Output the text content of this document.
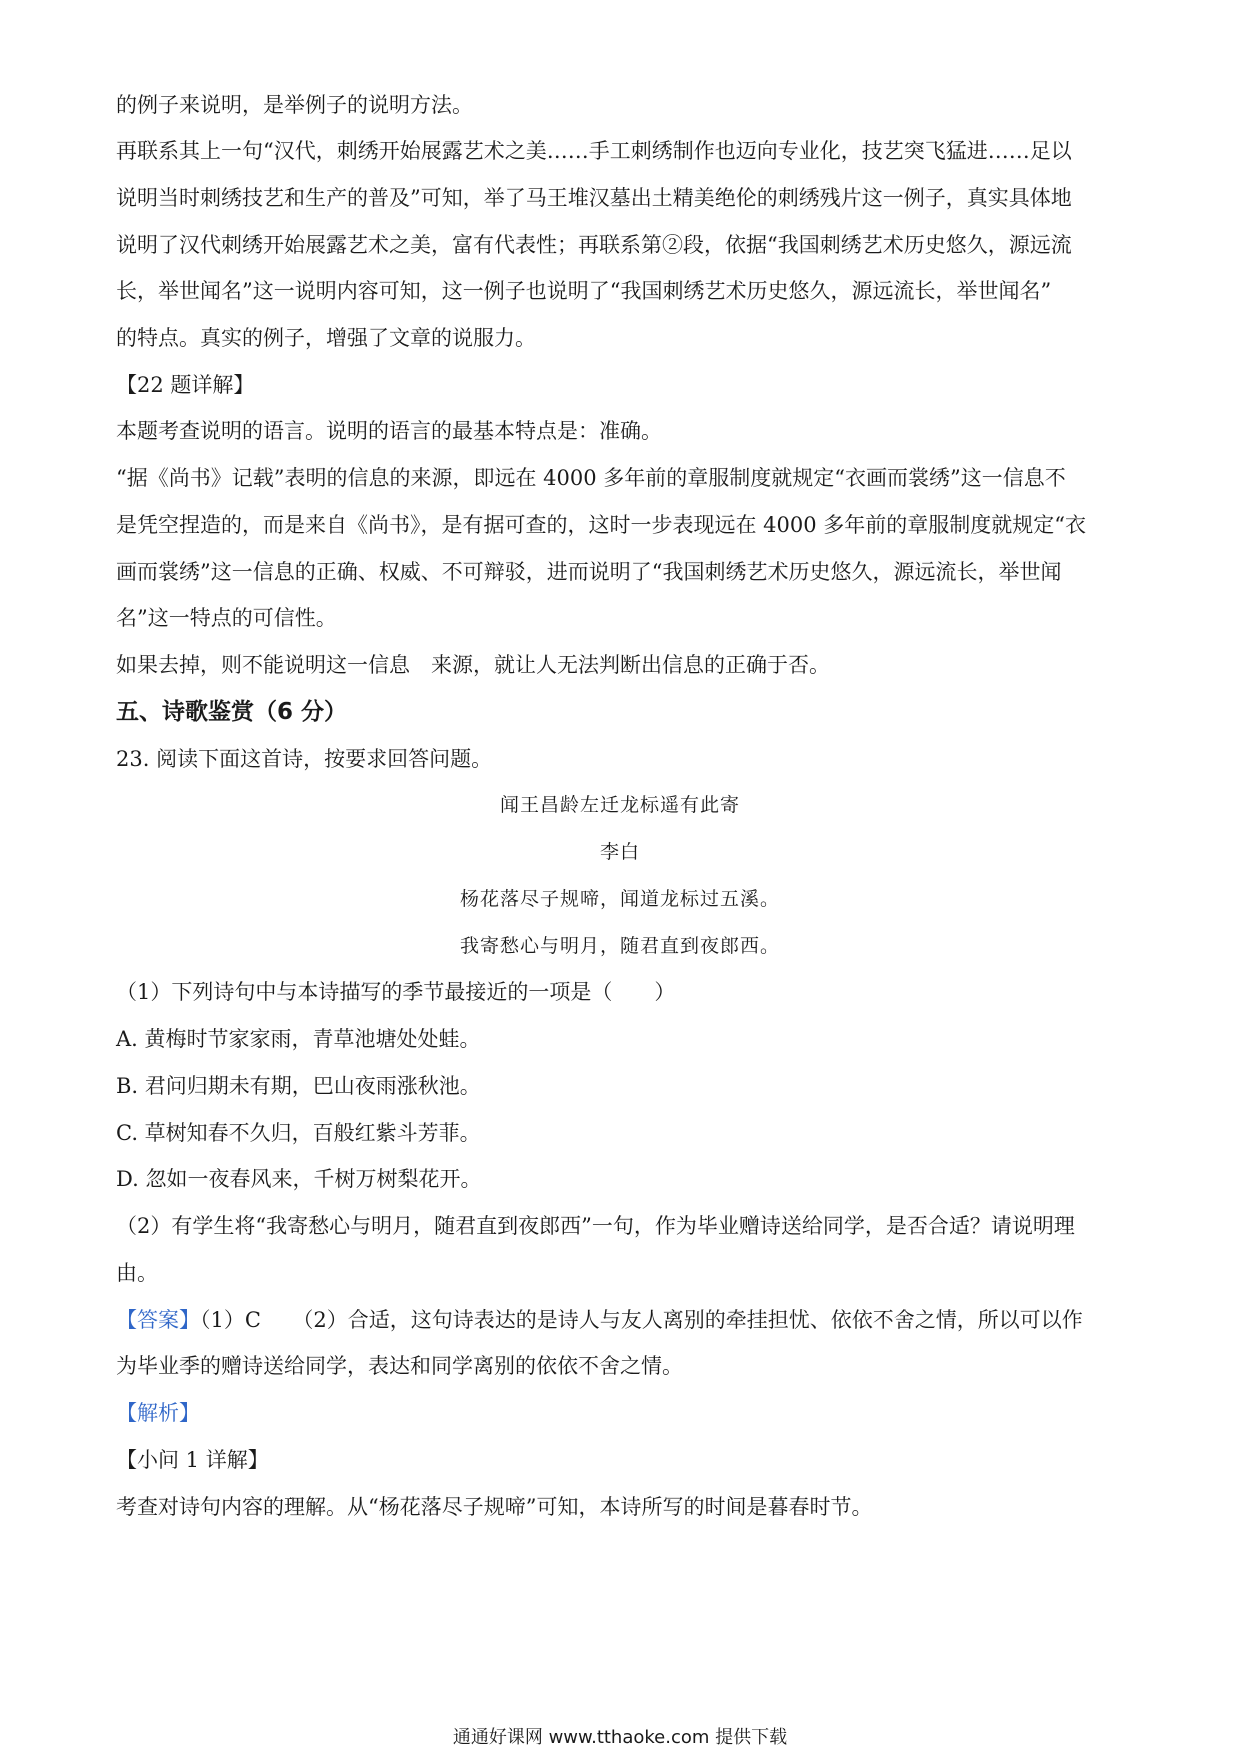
的例子来说明，是举例子的说明方法。
再联系其上一句“汉代，刺绣开始展露艺术之美……手工刺绣制作也迈向专业化，技艺突飞猛进……足以
说明当时刺绣技艺和生产的普及”可知，举了马王堆汉墓出土精美绝伦的刺绣残片这一例子，真实具体地
说明了汉代刺绣开始展露艺术之美，富有代表性；再联系第②段，依据“我国刺绣艺术历史悠久，源远流
长，举世闻名”这一说明内容可知，这一例子也说明了“我国刺绣艺术历史悠久，源远流长，举世闻名”
的特点。真实的例子，增强了文章的说服力。
【22 题详解】
本题考查说明的语言。说明的语言的最基本特点是：准确。
“据《尚书》记载”表明的信息的来源，即远在 4000 多年前的章服制度就规定“衣画而裳绣”这一信息不
是凭空捏造的，而是来自《尚书》，是有据可查的，这时一步表现远在 4000 多年前的章服制度就规定“衣
画而裳绣”这一信息的正确、权威、不可辩驳，进而说明了“我国刺绣艺术历史悠久，源远流长，举世闻
名”这一特点的可信性。
如果去掉，则不能说明这一信息　来源，就让人无法判断出信息的正确于否。
五、诗歌鉴赏（6 分）
23. 阅读下面这首诗，按要求回答问题。
闻王昌龄左迁龙标遥有此寄
李白
杨花落尽子规啼，闻道龙标过五溪。
我寄愁心与明月，随君直到夜郎西。
（1）下列诗句中与本诗描写的季节最接近的一项是（　　）
A. 黄梅时节家家雨，青草池塘处处蛙。
B. 君问归期未有期，巴山夜雨涨秋池。
C. 草树知春不久归，百般红紫斗芳菲。
D. 忽如一夜春风来，千树万树梨花开。
（2）有学生将“我寄愁心与明月，随君直到夜郎西”一句，作为毕业赠诗送给同学，是否合适？请说明理
由。
【答案】（1）C　　（2）合适，这句诗表达的是诗人与友人离别的牵挂担忧、依依不舍之情，所以可以作
为毕业季的赠诗送给同学，表达和同学离别的依依不舍之情。
【解析】
【小问 1 详解】
考查对诗句内容的理解。从“杨花落尽子规啼”可知，本诗所写的时间是暮春时节。
通通好课网 www.tthaoke.com 提供下载
